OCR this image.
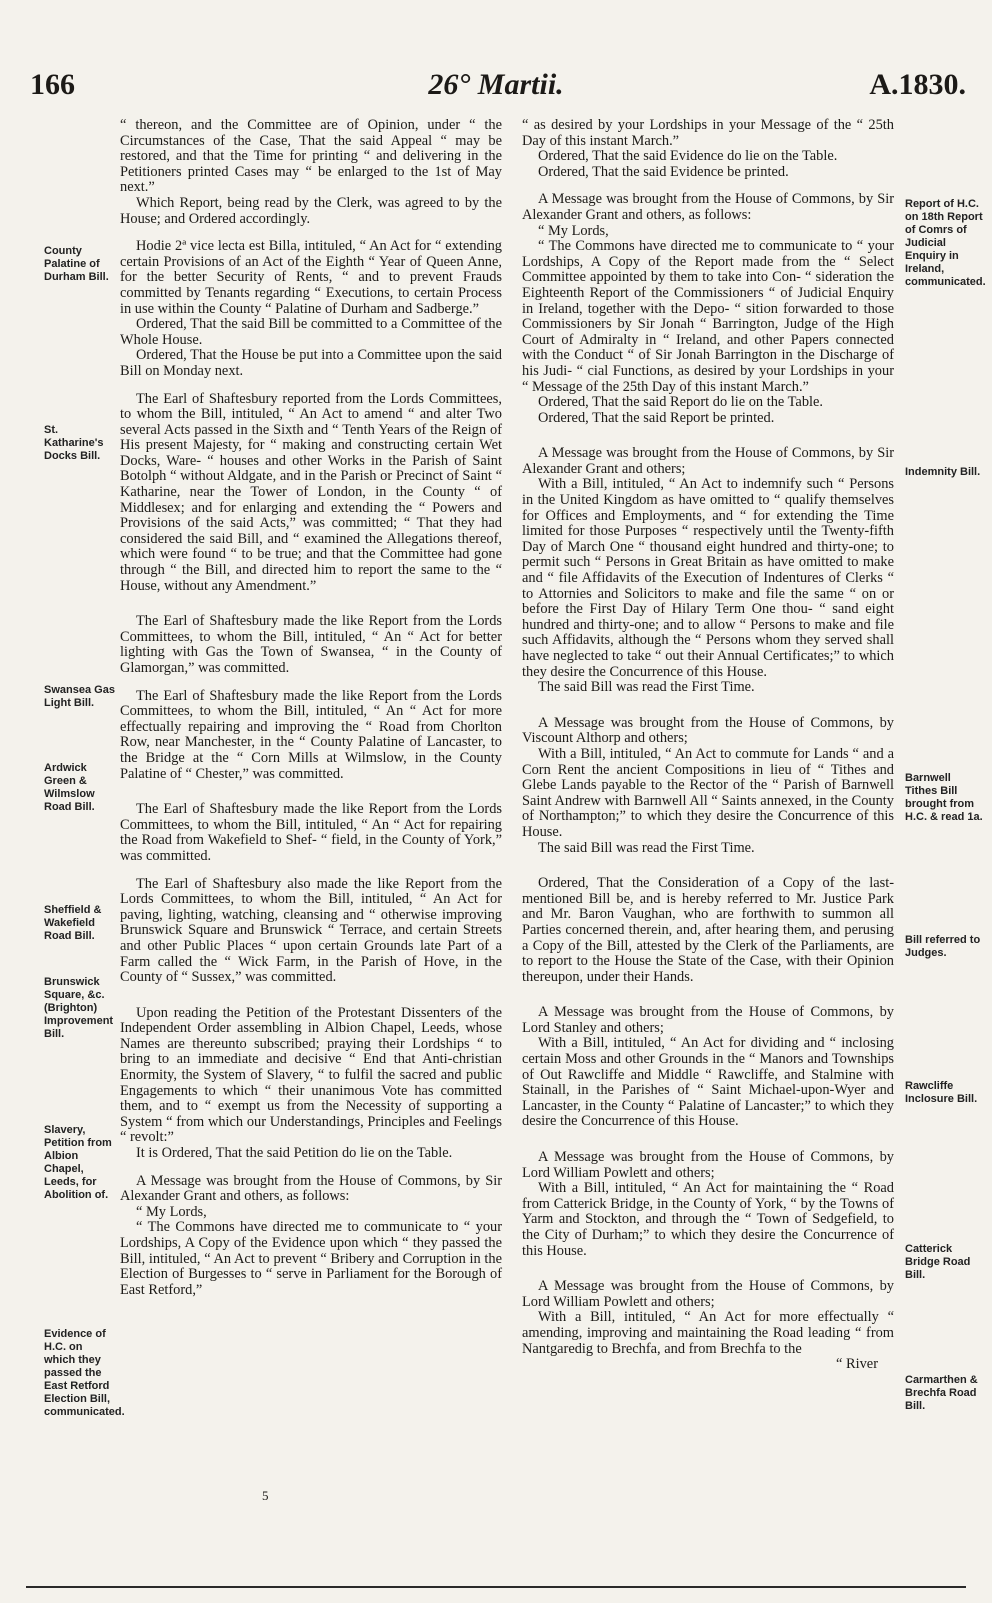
166	26° Martii.	A.1830.

“ thereon, and the Committee are of Opinion, under “ the Circumstances of the Case, That the said Appeal “ may be restored, and that the Time for printing “ and delivering in the Petitioners printed Cases may “ be enlarged to the 1st of May next.”

Which Report, being read by the Clerk, was agreed to by the House; and Ordered accordingly.

Hodie 2ª vice lecta est Billa, intituled, “ An Act for “ extending certain Provisions of an Act of the Eighth “ Year of Queen Anne, for the better Security of Rents, “ and to prevent Frauds committed by Tenants regarding “ Executions, to certain Process in use within the County “ Palatine of Durham and Sadberge.”

Ordered, That the said Bill be committed to a Committee of the Whole House.

Ordered, That the House be put into a Committee upon the said Bill on Monday next.

The Earl of Shaftesbury reported from the Lords Committees, to whom the Bill, intituled, “ An Act to amend “ and alter Two several Acts passed in the Sixth and “ Tenth Years of the Reign of His present Majesty, for “ making and constructing certain Wet Docks, Ware- “ houses and other Works in the Parish of Saint Botolph “ without Aldgate, and in the Parish or Precinct of Saint “ Katharine, near the Tower of London, in the County “ of Middlesex; and for enlarging and extending the “ Powers and Provisions of the said Acts,” was committed; “ That they had considered the said Bill, and “ examined the Allegations thereof, which were found “ to be true; and that the Committee had gone through “ the Bill, and directed him to report the same to the “ House, without any Amendment.”

The Earl of Shaftesbury made the like Report from the Lords Committees, to whom the Bill, intituled, “ An “ Act for better lighting with Gas the Town of Swansea, “ in the County of Glamorgan,” was committed.

The Earl of Shaftesbury made the like Report from the Lords Committees, to whom the Bill, intituled, “ An “ Act for more effectually repairing and improving the “ Road from Chorlton Row, near Manchester, in the “ County Palatine of Lancaster, to the Bridge at the “ Corn Mills at Wilmslow, in the County Palatine of “ Chester,” was committed.

The Earl of Shaftesbury made the like Report from the Lords Committees, to whom the Bill, intituled, “ An “ Act for repairing the Road from Wakefield to Shef- “ field, in the County of York,” was committed.

The Earl of Shaftesbury also made the like Report from the Lords Committees, to whom the Bill, intituled, “ An Act for paving, lighting, watching, cleansing and “ otherwise improving Brunswick Square and Brunswick “ Terrace, and certain Streets and other Public Places “ upon certain Grounds late Part of a Farm called the “ Wick Farm, in the Parish of Hove, in the County of “ Sussex,” was committed.

Upon reading the Petition of the Protestant Dissenters of the Independent Order assembling in Albion Chapel, Leeds, whose Names are thereunto subscribed; praying their Lordships “ to bring to an immediate and decisive “ End that Anti-christian Enormity, the System of Slavery, “ to fulfil the sacred and public Engagements to which “ their unanimous Vote has committed them, and to “ exempt us from the Necessity of supporting a System “ from which our Understandings, Principles and Feelings “ revolt:”

It is Ordered, That the said Petition do lie on the Table.

A Message was brought from the House of Commons, by Sir Alexander Grant and others, as follows:

“ My Lords,

“ The Commons have directed me to communicate to “ your Lordships, A Copy of the Evidence upon which “ they passed the Bill, intituled, “ An Act to prevent “ Bribery and Corruption in the Election of Burgesses to “ serve in Parliament for the Borough of East Retford,”

“ as desired by your Lordships in your Message of the “ 25th Day of this instant March.”

Ordered, That the said Evidence do lie on the Table.

Ordered, That the said Evidence be printed.

A Message was brought from the House of Commons, by Sir Alexander Grant and others, as follows:

“ My Lords,

“ The Commons have directed me to communicate to “ your Lordships, A Copy of the Report made from the “ Select Committee appointed by them to take into Con- “ sideration the Eighteenth Report of the Commissioners “ of Judicial Enquiry in Ireland, together with the Depo- “ sition forwarded to those Commissioners by Sir Jonah “ Barrington, Judge of the High Court of Admiralty in “ Ireland, and other Papers connected with the Conduct “ of Sir Jonah Barrington in the Discharge of his Judi- “ cial Functions, as desired by your Lordships in your “ Message of the 25th Day of this instant March.”

Ordered, That the said Report do lie on the Table.

Ordered, That the said Report be printed.

A Message was brought from the House of Commons, by Sir Alexander Grant and others;

With a Bill, intituled, “ An Act to indemnify such “ Persons in the United Kingdom as have omitted to “ qualify themselves for Offices and Employments, and “ for extending the Time limited for those Purposes “ respectively until the Twenty-fifth Day of March One “ thousand eight hundred and thirty-one; to permit such “ Persons in Great Britain as have omitted to make and “ file Affidavits of the Execution of Indentures of Clerks “ to Attornies and Solicitors to make and file the same “ on or before the First Day of Hilary Term One thou- “ sand eight hundred and thirty-one; and to allow “ Persons to make and file such Affidavits, although the “ Persons whom they served shall have neglected to take “ out their Annual Certificates;” to which they desire the Concurrence of this House.

The said Bill was read the First Time.

A Message was brought from the House of Commons, by Viscount Althorp and others;

With a Bill, intituled, “ An Act to commute for Lands “ and a Corn Rent the ancient Compositions in lieu of “ Tithes and Glebe Lands payable to the Rector of the “ Parish of Barnwell Saint Andrew with Barnwell All “ Saints annexed, in the County of Northampton;” to which they desire the Concurrence of this House.

The said Bill was read the First Time.

Ordered, That the Consideration of a Copy of the last-mentioned Bill be, and is hereby referred to Mr. Justice Park and Mr. Baron Vaughan, who are forthwith to summon all Parties concerned therein, and, after hearing them, and perusing a Copy of the Bill, attested by the Clerk of the Parliaments, are to report to the House the State of the Case, with their Opinion thereupon, under their Hands.

A Message was brought from the House of Commons, by Lord Stanley and others;

With a Bill, intituled, “ An Act for dividing and “ inclosing certain Moss and other Grounds in the “ Manors and Townships of Out Rawcliffe and Middle “ Rawcliffe, and Stalmine with Stainall, in the Parishes of “ Saint Michael-upon-Wyer and Lancaster, in the County “ Palatine of Lancaster;” to which they desire the Concurrence of this House.

A Message was brought from the House of Commons, by Lord William Powlett and others;

With a Bill, intituled, “ An Act for maintaining the “ Road from Catterick Bridge, in the County of York, “ by the Towns of Yarm and Stockton, and through the “ Town of Sedgefield, to the City of Durham;” to which they desire the Concurrence of this House.

A Message was brought from the House of Commons, by Lord William Powlett and others;

With a Bill, intituled, “ An Act for more effectually “ amending, improving and maintaining the Road leading “ from Nantgaredig to Brechfa, and from Brechfa to the

“ River

County Palatine of Durham Bill.
St. Katharine's Docks Bill.
Swansea Gas Light Bill.
Ardwick Green & Wilmslow Road Bill.
Sheffield & Wakefield Road Bill.
Brunswick Square, &c. (Brighton) Improvement Bill.
Slavery, Petition from Albion Chapel, Leeds, for Abolition of.
Evidence of H.C. on which they passed the East Retford Election Bill, communicated.
Report of H.C. on 18th Report of Comrs of Judicial Enquiry in Ireland, communicated.
Indemnity Bill.
Barnwell Tithes Bill brought from H.C. & read 1a.
Bill referred to Judges.
Rawcliffe Inclosure Bill.
Catterick Bridge Road Bill.
Carmarthen & Brechfa Road Bill.
5
